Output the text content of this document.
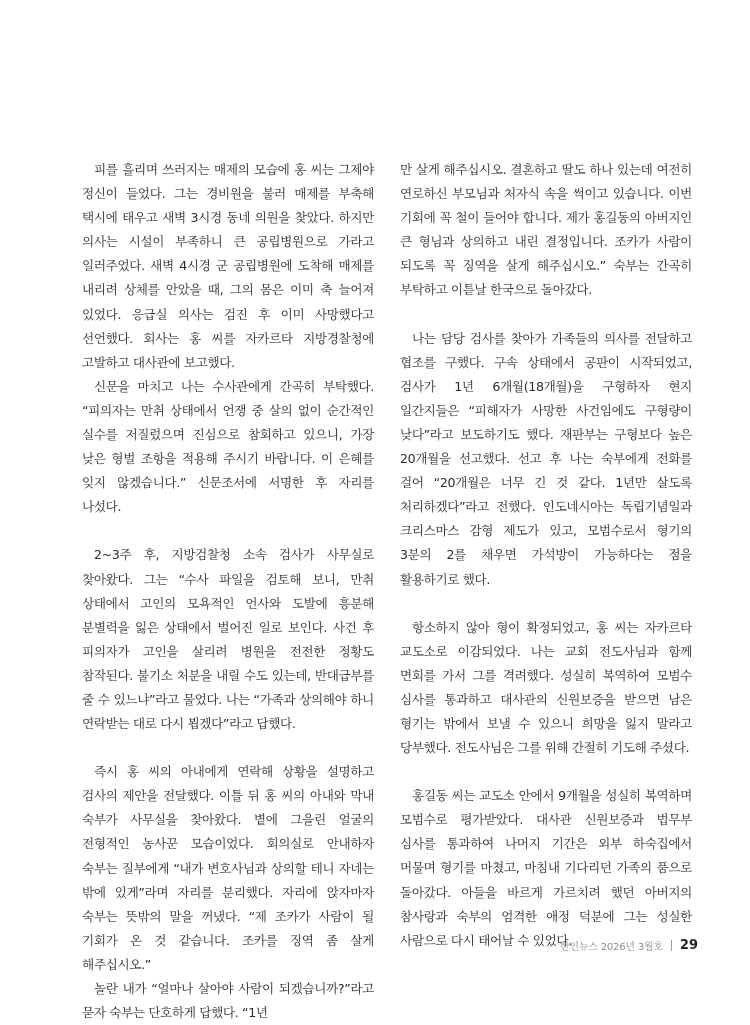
피를 흘리며 쓰러지는 매제의 모습에 홍 씨는 그제야 정신이 들었다. 그는 경비원을 불러 매제를 부축해 택시에 태우고 새벽 3시경 동네 의원을 찾았다. 하지만 의사는 시설이 부족하니 큰 공립병원으로 가라고 일러주었다. 새벽 4시경 군 공립병원에 도착해 매제를 내리려 상체를 안았을 때, 그의 몸은 이미 축 늘어져 있었다. 응급실 의사는 검진 후 이미 사망했다고 선언했다. 회사는 홍 씨를 자카르타 지방경찰청에 고발하고 대사관에 보고했다.

신문을 마치고 나는 수사관에게 간곡히 부탁했다. “피의자는 만취 상태에서 언쟁 중 살의 없이 순간적인 실수를 저질렀으며 진심으로 참회하고 있으니, 가장 낮은 형벌 조항을 적용해 주시기 바랍니다. 이 은혜를 잊지 않겠습니다.” 신문조서에 서명한 후 자리를 나섰다.

2~3주 후, 지방검찰청 소속 검사가 사무실로 찾아왔다. 그는 “수사 파일을 검토해 보니, 만취 상태에서 고인의 모욕적인 언사와 도발에 흥분해 분별력을 잃은 상태에서 벌어진 일로 보인다. 사건 후 피의자가 고인을 살리려 병원을 전전한 정황도 참작된다. 불기소 처분을 내릴 수도 있는데, 반대급부를 줄 수 있느냐”라고 물었다. 나는 “가족과 상의해야 하니 연락받는 대로 다시 뵙겠다”라고 답했다.

즉시 홍 씨의 아내에게 연락해 상황을 설명하고 검사의 제안을 전달했다. 이틀 뒤 홍 씨의 아내와 막내 숙부가 사무실을 찾아왔다. 볕에 그을린 얼굴의 전형적인 농사꾼 모습이었다. 회의실로 안내하자 숙부는 질부에게 “내가 변호사님과 상의할 테니 자네는 밖에 있게”라며 자리를 분리했다. 자리에 앉자마자 숙부는 뜻밖의 말을 꺼냈다. “제 조카가 사람이 될 기회가 온 것 같습니다. 조카를 징역 좀 살게 해주십시오.”

놀란 내가 “얼마나 살아야 사람이 되겠습니까?”라고 묻자 숙부는 단호하게 답했다. “1년

만 살게 해주십시오. 결혼하고 딸도 하나 있는데 여전히 연로하신 부모님과 처자식 속을 썩이고 있습니다. 이번 기회에 꼭 철이 들어야 합니다. 제가 홍길동의 아버지인 큰 형님과 상의하고 내린 결정입니다. 조카가 사람이 되도록 꼭 징역을 살게 해주십시오.” 숙부는 간곡히 부탁하고 이튿날 한국으로 돌아갔다.

나는 담당 검사를 찾아가 가족들의 의사를 전달하고 협조를 구했다. 구속 상태에서 공판이 시작되었고, 검사가 1년 6개월(18개월)을 구형하자 현지 일간지들은 “피해자가 사망한 사건임에도 구형량이 낮다”라고 보도하기도 했다. 재판부는 구형보다 높은 20개월을 선고했다. 선고 후 나는 숙부에게 전화를 걸어 “20개월은 너무 긴 것 같다. 1년만 살도록 처리하겠다”라고 전했다. 인도네시아는 독립기념일과 크리스마스 감형 제도가 있고, 모범수로서 형기의 3분의 2를 채우면 가석방이 가능하다는 점을 활용하기로 했다.

항소하지 않아 형이 확정되었고, 홍 씨는 자카르타 교도소로 이감되었다. 나는 교회 전도사님과 함께 면회를 가서 그를 격려했다. 성실히 복역하여 모범수 심사를 통과하고 대사관의 신원보증을 받으면 남은 형기는 밖에서 보낼 수 있으니 희망을 잃지 말라고 당부했다. 전도사님은 그를 위해 간절히 기도해 주셨다.

홍길동 씨는 교도소 안에서 9개월을 성실히 복역하며 모범수로 평가받았다. 대사관 신원보증과 법무부 심사를 통과하여 나머지 기간은 외부 하숙집에서 머물며 형기를 마쳤고, 마침내 기다리던 가족의 품으로 돌아갔다. 아들을 바르게 가르치려 했던 아버지의 참사랑과 숙부의 엄격한 애정 덕분에 그는 성실한 사람으로 다시 태어날 수 있었다.

한인뉴스 2026년 3월호 29
